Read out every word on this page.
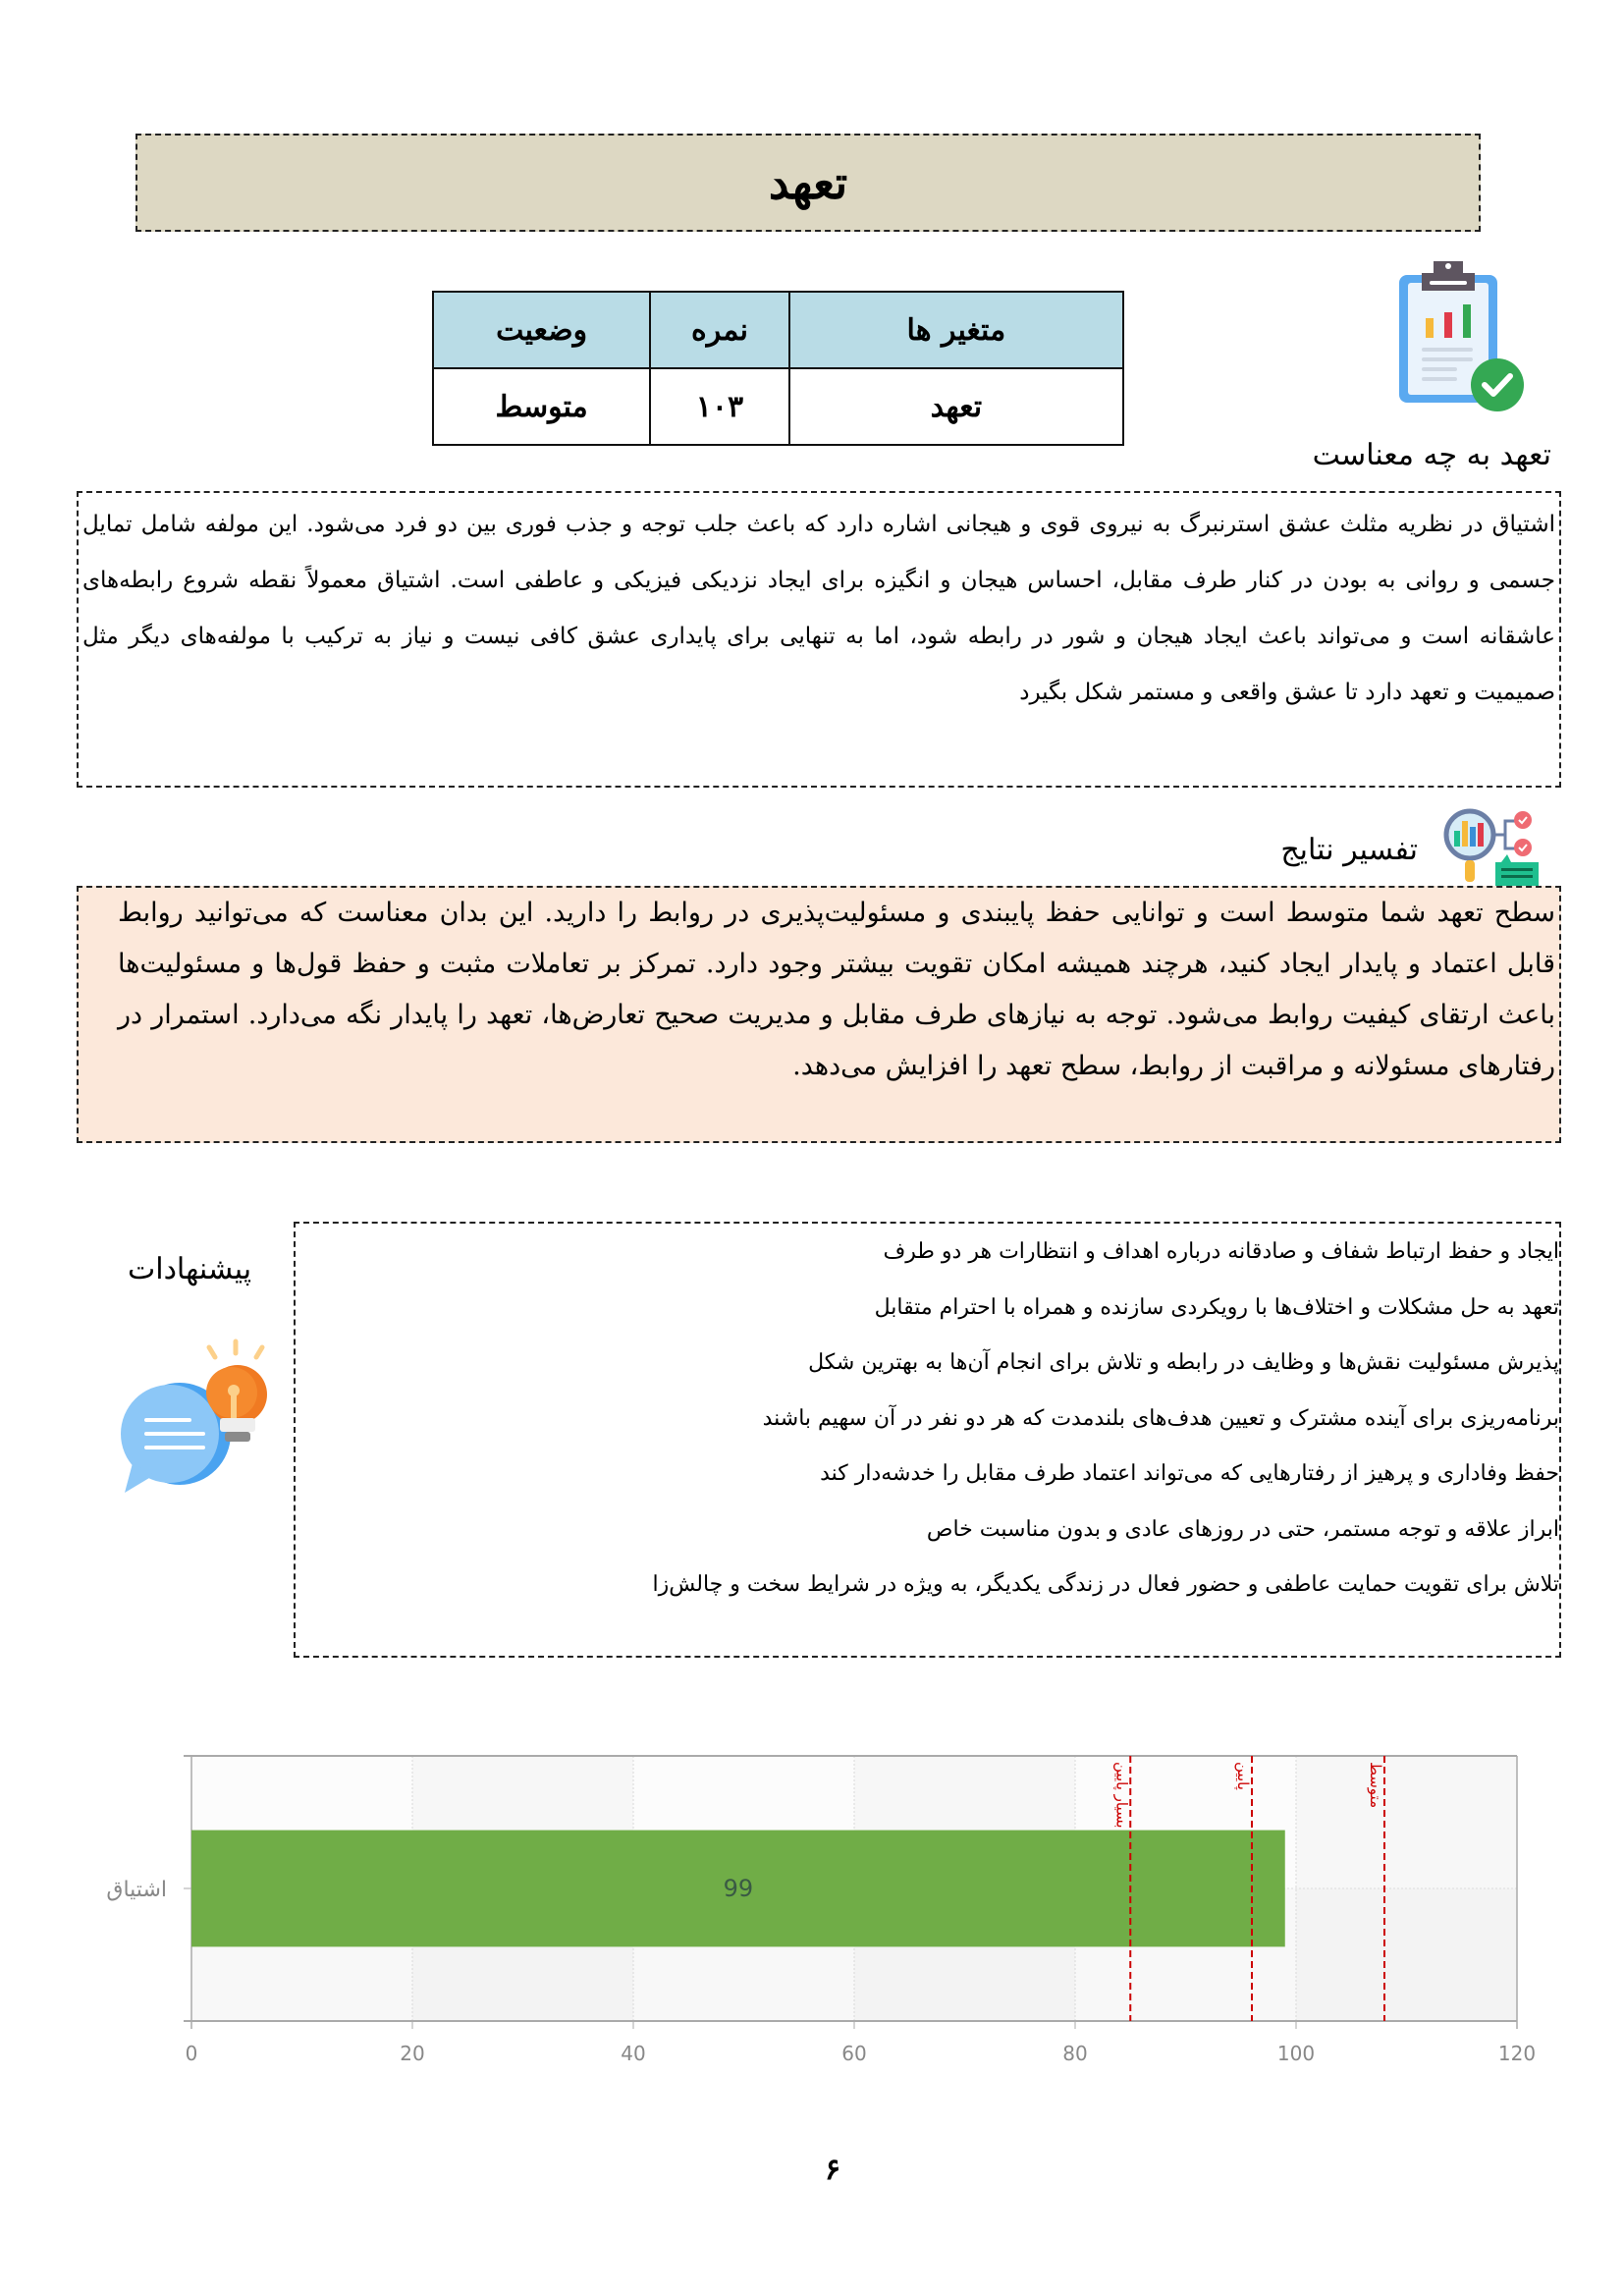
تعهد
متغیر ها	نمره	وضعیت
تعهد	۱۰۳	متوسط
تعهد به چه معناست

اشتیاق در نظریه مثلث عشق استرنبرگ به نیروی قوی و هیجانی اشاره دارد که باعث جلب توجه و جذب فوری بین دو فرد می‌شود. این مولفه شامل تمایل جسمی و روانی به بودن در کنار طرف مقابل، احساس هیجان و انگیزه برای ایجاد نزدیکی فیزیکی و عاطفی است. اشتیاق معمولاً نقطه شروع رابطه‌های عاشقانه است و می‌تواند باعث ایجاد هیجان و شور در رابطه شود، اما به تنهایی برای پایداری عشق کافی نیست و نیاز به ترکیب با مولفه‌های دیگر مثل صمیمیت و تعهد دارد تا عشق واقعی و مستمر شکل بگیرد

تفسیر نتایج

سطح تعهد شما متوسط است و توانایی حفظ پایبندی و مسئولیت‌پذیری در روابط را دارید. این بدان معناست که می‌توانید روابط قابل اعتماد و پایدار ایجاد کنید، هرچند همیشه امکان تقویت بیشتر وجود دارد. تمرکز بر تعاملات مثبت و حفظ قول‌ها و مسئولیت‌ها باعث ارتقای کیفیت روابط می‌شود. توجه به نیازهای طرف مقابل و مدیریت صحیح تعارض‌ها، تعهد را پایدار نگه می‌دارد. استمرار در رفتارهای مسئولانه و مراقبت از روابط، سطح تعهد را افزایش می‌دهد.

پیشنهادات
ایجاد و حفظ ارتباط شفاف و صادقانه درباره اهداف و انتظارات هر دو طرف
تعهد به حل مشکلات و اختلاف‌ها با رویکردی سازنده و همراه با احترام متقابل
پذیرش مسئولیت نقش‌ها و وظایف در رابطه و تلاش برای انجام آن‌ها به بهترین شکل
برنامه‌ریزی برای آینده مشترک و تعیین هدف‌های بلندمدت که هر دو نفر در آن سهیم باشند
حفظ وفاداری و پرهیز از رفتارهایی که می‌تواند اعتماد طرف مقابل را خدشه‌دار کند
ابراز علاقه و توجه مستمر، حتی در روزهای عادی و بدون مناسبت خاص
تلاش برای تقویت حمایت عاطفی و حضور فعال در زندگی یکدیگر، به ویژه در شرایط سخت و چالش‌زا
0	20	40	60	80	100	120
99
اشتیاق
بسیار پایین	پایین	متوسط
۶
